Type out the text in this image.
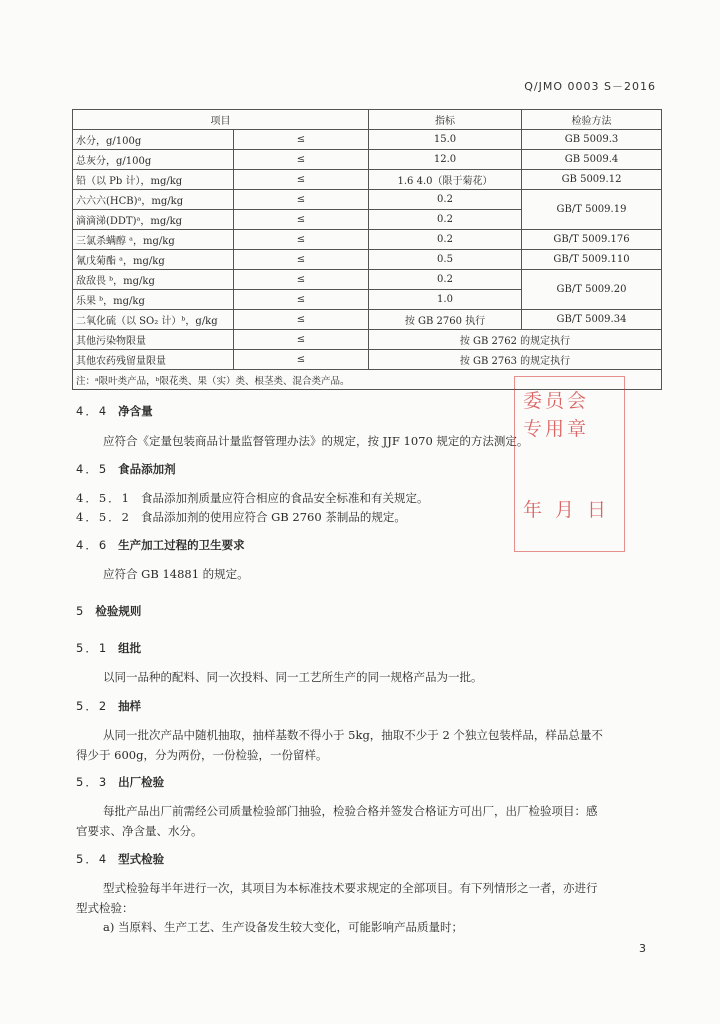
Q/JMO 0003 S－2016
项目		指标	检验方法
水分，g/100g	≤	15.0	GB 5009.3
总灰分，g/100g	≤	12.0	GB 5009.4
铅（以 Pb 计），mg/kg	≤	1.6 4.0（限于菊花）	GB 5009.12
六六六(HCB)ᵃ，mg/kg	≤	0.2	GB/T 5009.19
滴滴涕(DDT)ᵃ，mg/kg	≤	0.2	
三氯杀螨醇 ᵃ，mg/kg	≤	0.2	GB/T 5009.176
氰戊菊酯 ᵃ，mg/kg	≤	0.5	GB/T 5009.110
敌敌畏 ᵇ，mg/kg	≤	0.2	GB/T 5009.20
乐果 ᵇ，mg/kg	≤	1.0	
二氧化硫（以 SO₂ 计）ᵇ，g/kg	≤	按 GB 2760 执行	GB/T 5009.34
其他污染物限量	≤	按 GB 2762 的规定执行	
其他农药残留量限量	≤	按 GB 2763 的规定执行	
注：ᵃ限叶类产品，ᵇ限花类、果（实）类、根茎类、混合类产品。			
4．4 净含量
应符合《定量包装商品计量监督管理办法》的规定，按 JJF 1070 规定的方法测定。
4．5 食品添加剂
4．5．1 食品添加剂质量应符合相应的食品安全标准和有关规定。
4．5．2 食品添加剂的使用应符合 GB 2760 茶制品的规定。
4．6 生产加工过程的卫生要求
应符合 GB 14881 的规定。
5 检验规则
5．1 组批
以同一品种的配料、同一次投料、同一工艺所生产的同一规格产品为一批。
5．2 抽样
从同一批次产品中随机抽取，抽样基数不得小于 5kg，抽取不少于 2 个独立包装样品，样品总量不
得少于 600g，分为两份，一份检验，一份留样。
5．3 出厂检验
每批产品出厂前需经公司质量检验部门抽验，检验合格并签发合格证方可出厂，出厂检验项目：感
官要求、净含量、水分。
5．4 型式检验
型式检验每半年进行一次，其项目为本标准技术要求规定的全部项目。有下列情形之一者，亦进行
型式检验：
a) 当原料、生产工艺、生产设备发生较大变化，可能影响产品质量时；
委员会
专用章
年月日
3
